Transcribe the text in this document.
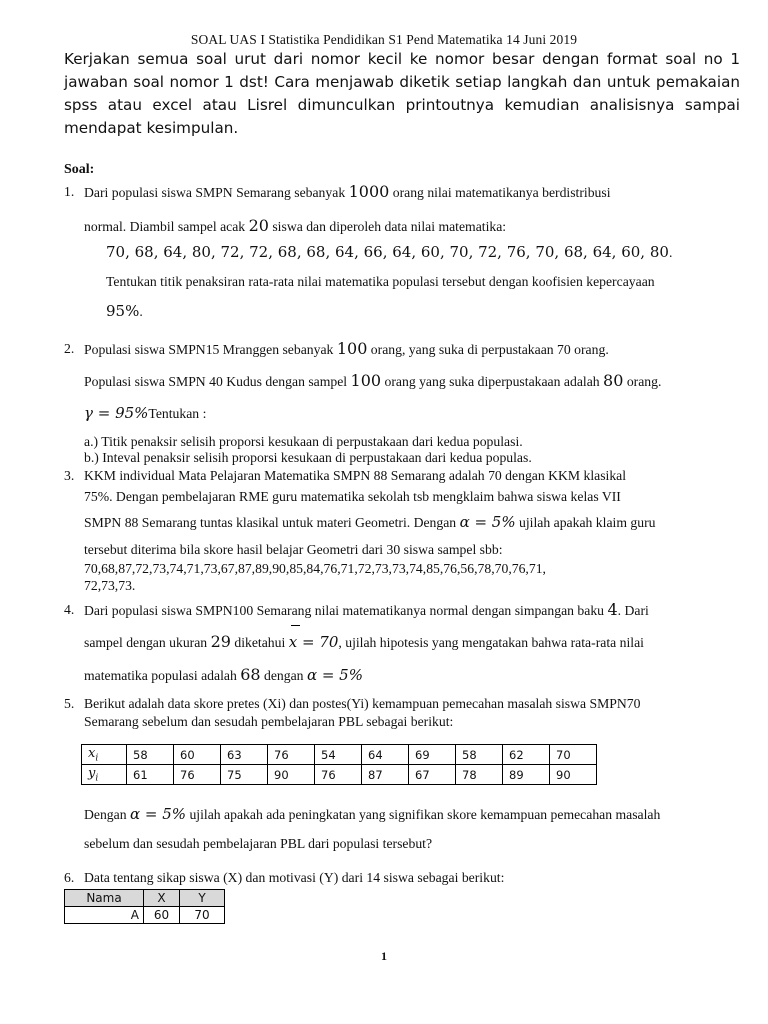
SOAL UAS I Statistika Pendidikan S1 Pend Matematika 14 Juni 2019
Kerjakan semua soal urut dari nomor kecil ke nomor besar dengan format soal no 1 jawaban soal nomor 1 dst! Cara menjawab diketik setiap langkah dan untuk pemakaian spss atau excel atau Lisrel dimunculkan printoutnya kemudian analisisnya sampai mendapat kesimpulan.
Soal:
1. Dari populasi siswa SMPN Semarang sebanyak 1000 orang nilai matematikanya berdistribusi
normal. Diambil sampel acak 20 siswa dan diperoleh data nilai matematika:
70, 68, 64, 80, 72, 72, 68, 68, 64, 66, 64, 60, 70, 72, 76, 70, 68, 64, 60, 80.
Tentukan titik penaksiran rata-rata nilai matematika populasi tersebut dengan koofisien kepercayaan
95%.
2. Populasi siswa SMPN15 Mranggen sebanyak 100 orang, yang suka di perpustakaan 70 orang.
Populasi siswa SMPN 40 Kudus dengan sampel 100 orang yang suka diperpustakaan adalah 80 orang.
γ = 95%Tentukan :
a.) Titik penaksir selisih proporsi kesukaan di perpustakaan dari kedua populasi.
b.) Inteval penaksir selisih proporsi kesukaan di perpustakaan dari kedua populas.
3. KKM individual Mata Pelajaran Matematika SMPN 88 Semarang adalah 70 dengan KKM klasikal
75%. Dengan pembelajaran RME guru matematika sekolah tsb mengklaim bahwa siswa kelas VII
SMPN 88 Semarang tuntas klasikal untuk materi Geometri. Dengan α = 5% ujilah apakah klaim guru
tersebut diterima bila skore hasil belajar Geometri dari 30 siswa sampel sbb:
70,68,87,72,73,74,71,73,67,87,89,90,85,84,76,71,72,73,73,74,85,76,56,78,70,76,71,
72,73,73.
4. Dari populasi siswa SMPN100 Semarang nilai matematikanya normal dengan simpangan baku 4. Dari
sampel dengan ukuran 29 diketahui
x = 70, ujilah hipotesis yang mengatakan bahwa rata-rata nilai
matematika populasi adalah 68 dengan α = 5%
5. Berikut adalah data skore pretes (Xi) dan postes(Yi) kemampuan pemecahan masalah siswa SMPN70
Semarang sebelum dan sesudah pembelajaran PBL sebagai berikut:
$x_i$	58	60	63	76	54	64	69	58	62	70
$y_i$	61	76	75	90	76	87	67	78	89	90
Dengan α = 5% ujilah apakah ada peningkatan yang signifikan skore kemampuan pemecahan masalah
sebelum dan sesudah pembelajaran PBL dari populasi tersebut?
6. Data tentang sikap siswa (X) dan motivasi (Y) dari 14 siswa sebagai berikut:
Nama	X	Y
A	60	70
1
